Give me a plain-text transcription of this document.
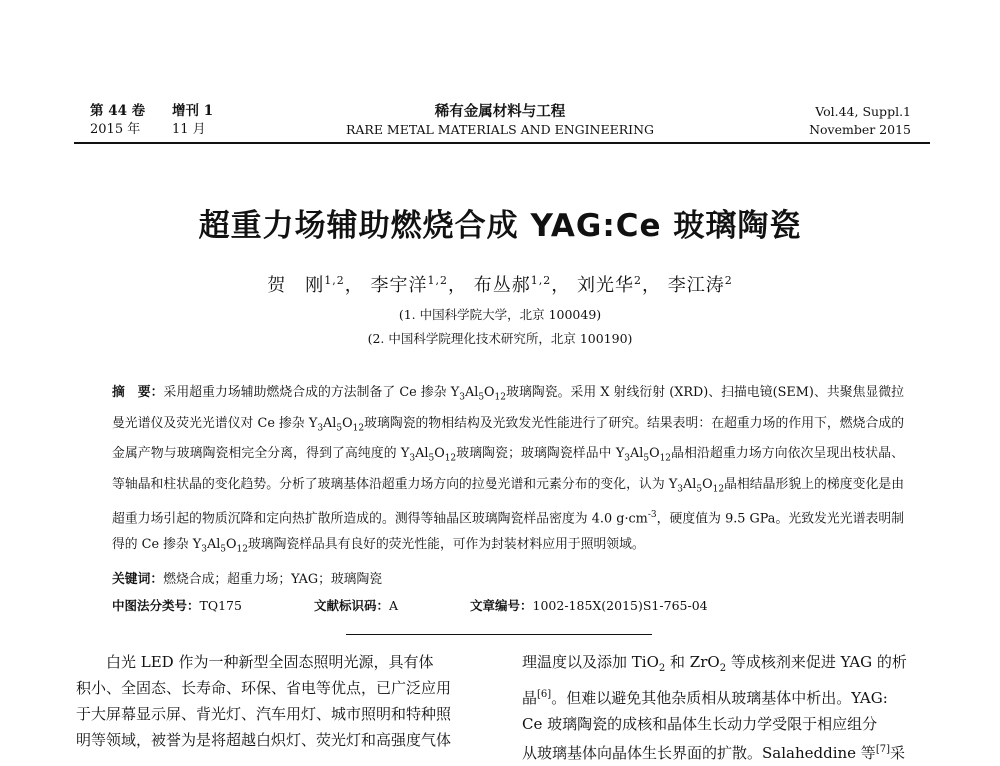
第 44 卷 增刊 1
2015 年 11 月
稀有金属材料与工程
RARE METAL MATERIALS AND ENGINEERING
Vol.44, Suppl.1
November 2015
超重力场辅助燃烧合成 YAG:Ce 玻璃陶瓷
贺　刚$^{1,2}$， 李宇洋$^{1,2}$， 布丛郝$^{1,2}$， 刘光华$^2$， 李江涛$^2$
(1. 中国科学院大学，北京 100049)
(2. 中国科学院理化技术研究所，北京 100190)
摘　要：采用超重力场辅助燃烧合成的方法制备了 Ce 掺杂 $Y_3Al_5O_{12}$玻璃陶瓷。采用 X 射线衍射 (XRD)、扫描电镜(SEM)、共聚焦显微拉曼光谱仪及荧光光谱仪对 Ce 掺杂 $Y_3Al_5O_{12}$玻璃陶瓷的物相结构及光致发光性能进行了研究。结果表明：在超重力场的作用下，燃烧合成的金属产物与玻璃陶瓷相完全分离，得到了高纯度的 $Y_3Al_5O_{12}$玻璃陶瓷；玻璃陶瓷样品中 $Y_3Al_5O_{12}$晶相沿超重力场方向依次呈现出枝状晶、等轴晶和柱状晶的变化趋势。分析了玻璃基体沿超重力场方向的拉曼光谱和元素分布的变化，认为 $Y_3Al_5O_{12}$晶相结晶形貌上的梯度变化是由超重力场引起的物质沉降和定向热扩散所造成的。测得等轴晶区玻璃陶瓷样品密度为 4.0 $g\cdot cm^{-3}$，硬度值为 9.5 GPa。光致发光光谱表明制得的 Ce 掺杂 $Y_3Al_5O_{12}$玻璃陶瓷样品具有良好的荧光性能，可作为封装材料应用于照明领域。
关键词：燃烧合成；超重力场；YAG；玻璃陶瓷
中图法分类号：TQ175	文献标识码：A	文章编号：1002-185X(2015)S1-765-04
　　白光 LED 作为一种新型全固态照明光源，具有体
积小、全固态、长寿命、环保、省电等优点，已广泛应用
于大屏幕显示屏、背光灯、汽车用灯、城市照明和特种照
明等领域，被誉为是将超越白炽灯、荧光灯和高强度气体
理温度以及添加 TiO$_2$ 和 ZrO$_2$ 等成核剂来促进 YAG 的析
晶[6]。但难以避免其他杂质相从玻璃基体中析出。YAG:
Ce 玻璃陶瓷的成核和晶体生长动力学受限于相应组分
从玻璃基体向晶体生长界面的扩散。Salaheddine 等[7]采
